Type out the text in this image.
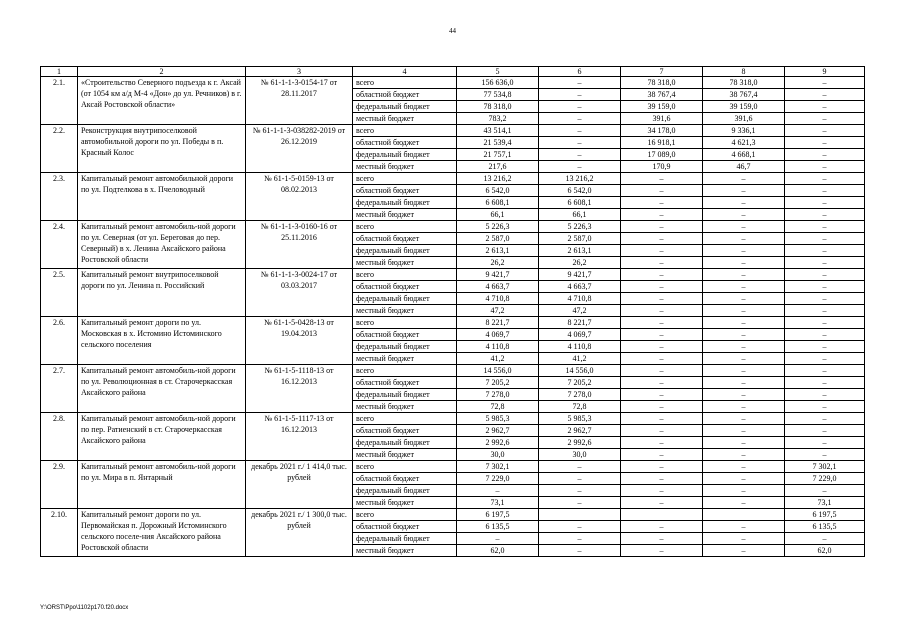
44
1	2	3	4	5	6	7	8	9
2.1.	«Строительство Северного подъезда к г. Аксай (от 1054 км а/д М-4 «Дон» до ул. Речников) в г. Аксай Ростовской области»	№ 61-1-1-3-0154-17 от 28.11.2017	всего	156 636,0	–	78 318,0	78 318,0	–
			областной бюджет	77 534,8	–	38 767,4	38 767,4	–
			федеральный бюджет	78 318,0	–	39 159,0	39 159,0	–
			местный бюджет	783,2	–	391,6	391,6	–
2.2.	Реконструкция внутрипоселковой автомобильной дороги по ул. Победы в п. Красный Колос	№ 61-1-1-3-038282-2019 от 26.12.2019	всего	43 514,1	–	34 178,0	9 336,1	–
			областной бюджет	21 539,4	–	16 918,1	4 621,3	–
			федеральный бюджет	21 757,1	–	17 089,0	4 668,1	–
			местный бюджет	217,6	–	170,9	46,7	–
2.3.	Капитальный ремонт автомобильной дороги по ул. Подтелкова в х. Пчеловодный	№ 61-1-5-0159-13 от 08.02.2013	всего	13 216,2	13 216,2	–	–	–
			областной бюджет	6 542,0	6 542,0	–	–	–
			федеральный бюджет	6 608,1	6 608,1	–	–	–
			местный бюджет	66,1	66,1	–	–	–
2.4.	Капитальный ремонт автомобиль-ной дороги по ул. Северная (от ул. Береговая до пер. Северный) в х. Ленина Аксайского района Ростовской области	№ 61-1-1-3-0160-16 от 25.11.2016	всего	5 226,3	5 226,3	–	–	–
			областной бюджет	2 587,0	2 587,0	–	–	–
			федеральный бюджет	2 613,1	2 613,1	–	–	–
			местный бюджет	26,2	26,2	–	–	–
2.5.	Капитальный ремонт внутрипоселковой дороги по ул. Ленина п. Российский	№ 61-1-1-3-0024-17 от 03.03.2017	всего	9 421,7	9 421,7	–	–	–
			областной бюджет	4 663,7	4 663,7	–	–	–
			федеральный бюджет	4 710,8	4 710,8	–	–	–
			местный бюджет	47,2	47,2	–	–	–
2.6.	Капитальный ремонт дороги по ул. Московская в х. Истомино Истоминского сельского поселения	№ 61-1-5-0428-13 от 19.04.2013	всего	8 221,7	8 221,7	–	–	–
			областной бюджет	4 069,7	4 069,7	–	–	–
			федеральный бюджет	4 110,8	4 110,8	–	–	–
			местный бюджет	41,2	41,2	–	–	–
2.7.	Капитальный ремонт автомобиль-ной дороги по ул. Революционная в ст. Старочеркасская Аксайского района	№ 61-1-5-1118-13 от 16.12.2013	всего	14 556,0	14 556,0	–	–	–
			областной бюджет	7 205,2	7 205,2	–	–	–
			федеральный бюджет	7 278,0	7 278,0	–	–	–
			местный бюджет	72,8	72,8	–	–	–
2.8.	Капитальный ремонт автомобиль-ной дороги по пер. Ратиенский в ст. Старочеркасская Аксайского района	№ 61-1-5-1117-13 от 16.12.2013	всего	5 985,3	5 985,3	–	–	–
			областной бюджет	2 962,7	2 962,7	–	–	–
			федеральный бюджет	2 992,6	2 992,6	–	–	–
			местный бюджет	30,0	30,0	–	–	–
2.9.	Капитальный ремонт автомобиль-ной дороги по ул. Мира в п. Янтарный	декабрь 2021 г./ 1 414,0 тыс. рублей	всего	7 302,1	–	–	–	7 302,1
			областной бюджет	7 229,0	–	–	–	7 229,0
			федеральный бюджет	–	–	–	–	–
			местный бюджет	73,1	–	–	–	73,1
2.10.	Капитальный ремонт дороги по ул. Первомайская п. Дорожный Истоминского сельского поселе-ния Аксайского района Ростовской области	декабрь 2021 г./ 1 300,0 тыс. рублей	всего	6 197,5				6 197,5
			областной бюджет	6 135,5	–	–	–	6 135,5
			федеральный бюджет	–	–	–	–	–
			местный бюджет	62,0	–	–	–	62,0
Y:\ORST\Ppo\1102p170.f20.docx
